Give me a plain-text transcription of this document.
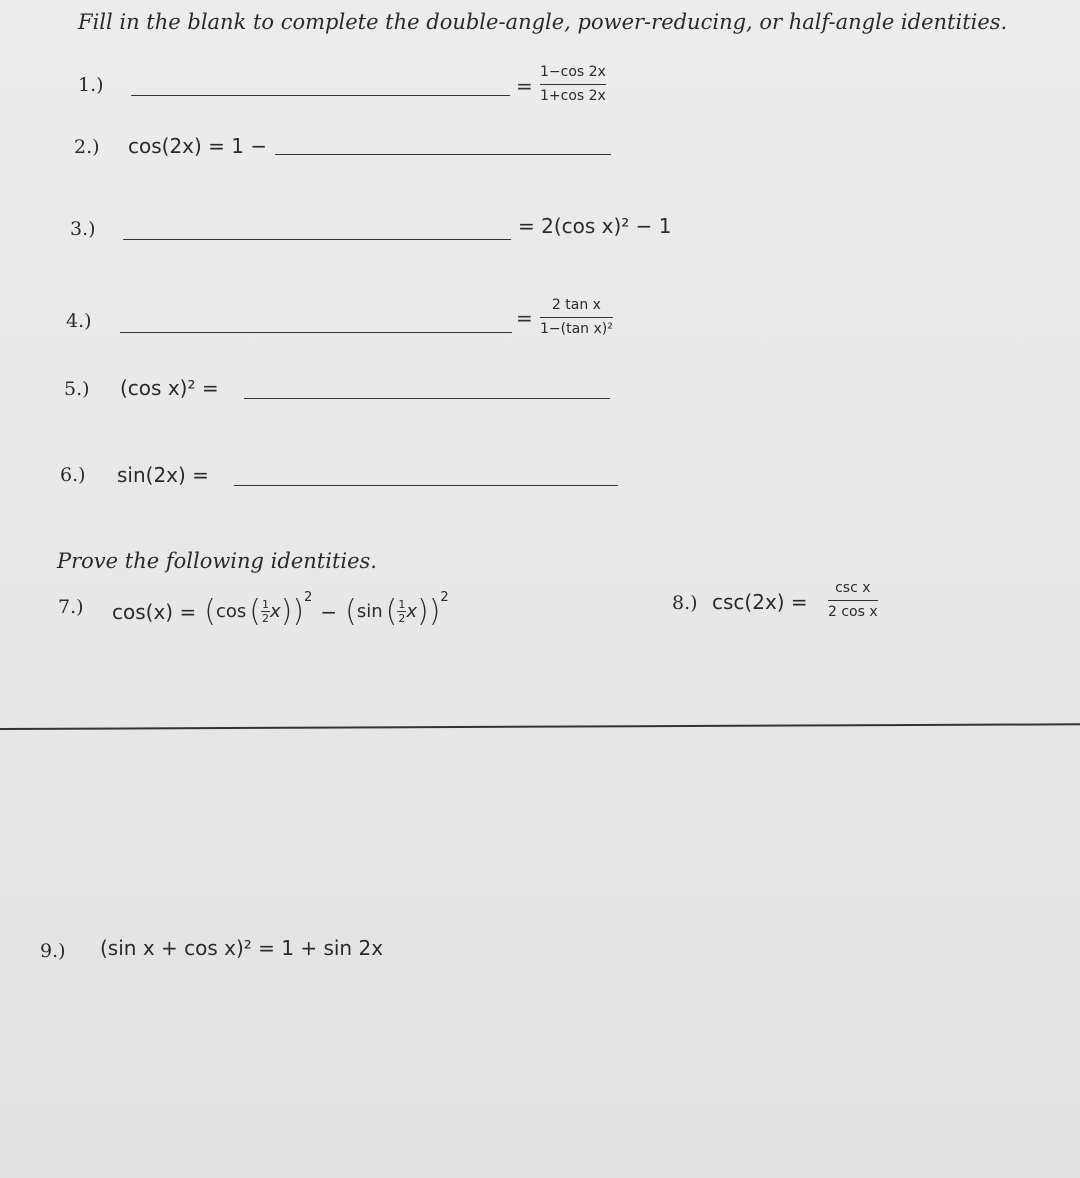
Fill in the blank to complete the double-angle, power-reducing, or half-angle identities.
1.)	=
1−cos 2x
1+cos 2x
2.) cos(2x) = 1 −
3.)	= 2(cos x)² − 1
4.)	=
2 tan x
1−(tan x)²
5.) (cos x)² =
6.) sin(2x) =
Prove the following identities.
7.) cos(x) = ( cos ( 1
2 x ) ) 2
− ( sin ( 1
2 x ) ) 2	8.) csc(2x) =
csc x
2 cos x
9.) (sin x + cos x)² = 1 + sin 2x
